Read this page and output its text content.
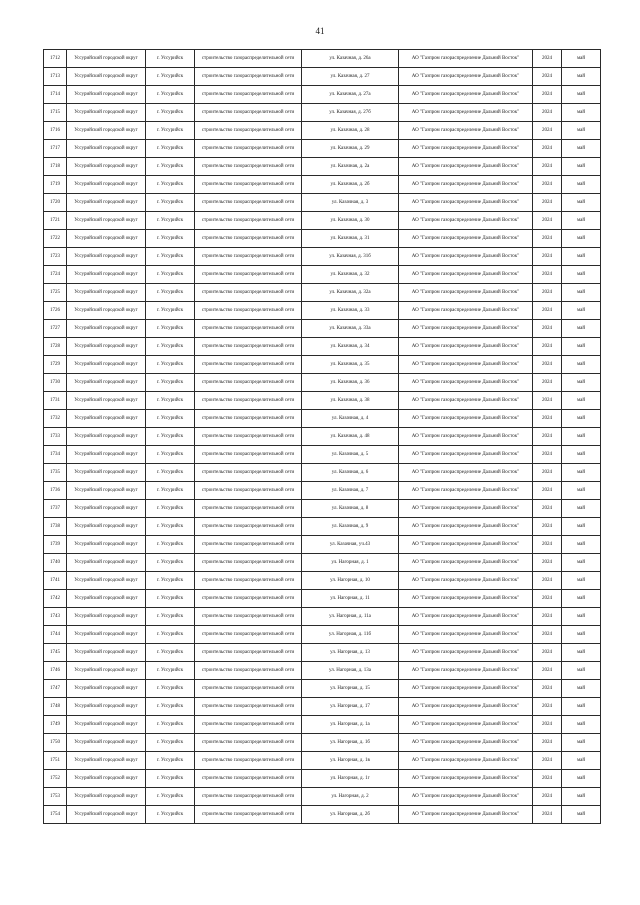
41
1712	Уссурийский городской округ	г. Уссурийск	строительство газораспределительной сети	ул. Казачная, д. 26а	АО "Газпром газораспределение Дальний Восток"	2024	май
1713	Уссурийский городской округ	г. Уссурийск	строительство газораспределительной сети	ул. Казачная, д. 27	АО "Газпром газораспределение Дальний Восток"	2024	май
1714	Уссурийский городской округ	г. Уссурийск	строительство газораспределительной сети	ул. Казачная, д. 27а	АО "Газпром газораспределение Дальний Восток"	2024	май
1715	Уссурийский городской округ	г. Уссурийск	строительство газораспределительной сети	ул. Казачная, д. 27б	АО "Газпром газораспределение Дальний Восток"	2024	май
1716	Уссурийский городской округ	г. Уссурийск	строительство газораспределительной сети	ул. Казачная, д. 28	АО "Газпром газораспределение Дальний Восток"	2024	май
1717	Уссурийский городской округ	г. Уссурийск	строительство газораспределительной сети	ул. Казачная, д. 29	АО "Газпром газораспределение Дальний Восток"	2024	май
1718	Уссурийский городской округ	г. Уссурийск	строительство газораспределительной сети	ул. Казачная, д. 2а	АО "Газпром газораспределение Дальний Восток"	2024	май
1719	Уссурийский городской округ	г. Уссурийск	строительство газораспределительной сети	ул. Казачная, д. 2б	АО "Газпром газораспределение Дальний Восток"	2024	май
1720	Уссурийский городской округ	г. Уссурийск	строительство газораспределительной сети	ул. Казачная, д. 3	АО "Газпром газораспределение Дальний Восток"	2024	май
1721	Уссурийский городской округ	г. Уссурийск	строительство газораспределительной сети	ул. Казачная, д. 30	АО "Газпром газораспределение Дальний Восток"	2024	май
1722	Уссурийский городской округ	г. Уссурийск	строительство газораспределительной сети	ул. Казачная, д. 31	АО "Газпром газораспределение Дальний Восток"	2024	май
1723	Уссурийский городской округ	г. Уссурийск	строительство газораспределительной сети	ул. Казачная, д. 31б	АО "Газпром газораспределение Дальний Восток"	2024	май
1724	Уссурийский городской округ	г. Уссурийск	строительство газораспределительной сети	ул. Казачная, д. 32	АО "Газпром газораспределение Дальний Восток"	2024	май
1725	Уссурийский городской округ	г. Уссурийск	строительство газораспределительной сети	ул. Казачная, д. 32а	АО "Газпром газораспределение Дальний Восток"	2024	май
1726	Уссурийский городской округ	г. Уссурийск	строительство газораспределительной сети	ул. Казачная, д. 33	АО "Газпром газораспределение Дальний Восток"	2024	май
1727	Уссурийский городской округ	г. Уссурийск	строительство газораспределительной сети	ул. Казачная, д. 33а	АО "Газпром газораспределение Дальний Восток"	2024	май
1728	Уссурийский городской округ	г. Уссурийск	строительство газораспределительной сети	ул. Казачная, д. 34	АО "Газпром газораспределение Дальний Восток"	2024	май
1729	Уссурийский городской округ	г. Уссурийск	строительство газораспределительной сети	ул. Казачная, д. 35	АО "Газпром газораспределение Дальний Восток"	2024	май
1730	Уссурийский городской округ	г. Уссурийск	строительство газораспределительной сети	ул. Казачная, д. 36	АО "Газпром газораспределение Дальний Восток"	2024	май
1731	Уссурийский городской округ	г. Уссурийск	строительство газораспределительной сети	ул. Казачная, д. 38	АО "Газпром газораспределение Дальний Восток"	2024	май
1732	Уссурийский городской округ	г. Уссурийск	строительство газораспределительной сети	ул. Казачная, д. 4	АО "Газпром газораспределение Дальний Восток"	2024	май
1733	Уссурийский городской округ	г. Уссурийск	строительство газораспределительной сети	ул. Казачная, д. 48	АО "Газпром газораспределение Дальний Восток"	2024	май
1734	Уссурийский городской округ	г. Уссурийск	строительство газораспределительной сети	ул. Казачная, д. 5	АО "Газпром газораспределение Дальний Восток"	2024	май
1735	Уссурийский городской округ	г. Уссурийск	строительство газораспределительной сети	ул. Казачная, д. 6	АО "Газпром газораспределение Дальний Восток"	2024	май
1736	Уссурийский городской округ	г. Уссурийск	строительство газораспределительной сети	ул. Казачная, д. 7	АО "Газпром газораспределение Дальний Восток"	2024	май
1737	Уссурийский городской округ	г. Уссурийск	строительство газораспределительной сети	ул. Казачная, д. 8	АО "Газпром газораспределение Дальний Восток"	2024	май
1738	Уссурийский городской округ	г. Уссурийск	строительство газораспределительной сети	ул. Казачная, д. 9	АО "Газпром газораспределение Дальний Восток"	2024	май
1739	Уссурийский городской округ	г. Уссурийск	строительство газораспределительной сети	ул. Казачная, уч.43	АО "Газпром газораспределение Дальний Восток"	2024	май
1740	Уссурийский городской округ	г. Уссурийск	строительство газораспределительной сети	ул. Нагорная, д. 1	АО "Газпром газораспределение Дальний Восток"	2024	май
1741	Уссурийский городской округ	г. Уссурийск	строительство газораспределительной сети	ул. Нагорная, д. 10	АО "Газпром газораспределение Дальний Восток"	2024	май
1742	Уссурийский городской округ	г. Уссурийск	строительство газораспределительной сети	ул. Нагорная, д. 11	АО "Газпром газораспределение Дальний Восток"	2024	май
1743	Уссурийский городской округ	г. Уссурийск	строительство газораспределительной сети	ул. Нагорная, д. 11а	АО "Газпром газораспределение Дальний Восток"	2024	май
1744	Уссурийский городской округ	г. Уссурийск	строительство газораспределительной сети	ул. Нагорная, д. 11б	АО "Газпром газораспределение Дальний Восток"	2024	май
1745	Уссурийский городской округ	г. Уссурийск	строительство газораспределительной сети	ул. Нагорная, д. 13	АО "Газпром газораспределение Дальний Восток"	2024	май
1746	Уссурийский городской округ	г. Уссурийск	строительство газораспределительной сети	ул. Нагорная, д. 13а	АО "Газпром газораспределение Дальний Восток"	2024	май
1747	Уссурийский городской округ	г. Уссурийск	строительство газораспределительной сети	ул. Нагорная, д. 15	АО "Газпром газораспределение Дальний Восток"	2024	май
1748	Уссурийский городской округ	г. Уссурийск	строительство газораспределительной сети	ул. Нагорная, д. 17	АО "Газпром газораспределение Дальний Восток"	2024	май
1749	Уссурийский городской округ	г. Уссурийск	строительство газораспределительной сети	ул. Нагорная, д. 1а	АО "Газпром газораспределение Дальний Восток"	2024	май
1750	Уссурийский городской округ	г. Уссурийск	строительство газораспределительной сети	ул. Нагорная, д. 1б	АО "Газпром газораспределение Дальний Восток"	2024	май
1751	Уссурийский городской округ	г. Уссурийск	строительство газораспределительной сети	ул. Нагорная, д. 1в	АО "Газпром газораспределение Дальний Восток"	2024	май
1752	Уссурийский городской округ	г. Уссурийск	строительство газораспределительной сети	ул. Нагорная, д. 1г	АО "Газпром газораспределение Дальний Восток"	2024	май
1753	Уссурийский городской округ	г. Уссурийск	строительство газораспределительной сети	ул. Нагорная, д. 2	АО "Газпром газораспределение Дальний Восток"	2024	май
1754	Уссурийский городской округ	г. Уссурийск	строительство газораспределительной сети	ул. Нагорная, д. 2б	АО "Газпром газораспределение Дальний Восток"	2024	май
